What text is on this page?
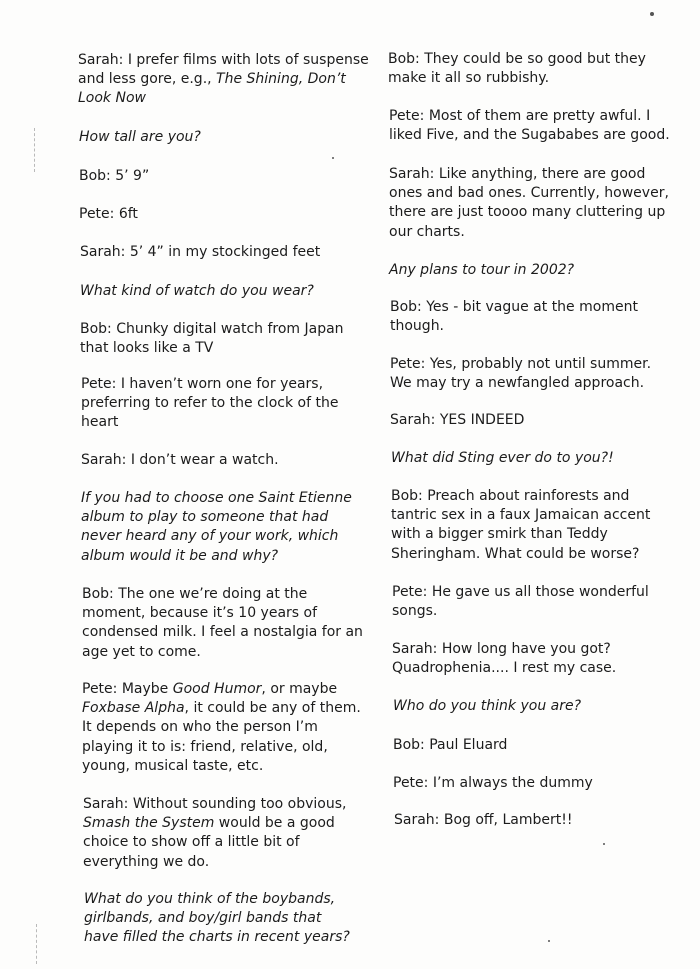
Sarah: I prefer films with lots of suspense
and less gore, e.g., The Shining, Don’t
Look Now

How tall are you?

Bob: 5’ 9”

Pete: 6ft

Sarah: 5’ 4” in my stockinged feet

What kind of watch do you wear?

Bob: Chunky digital watch from Japan
that looks like a TV

Pete: I haven’t worn one for years,
preferring to refer to the clock of the
heart

Sarah: I don’t wear a watch.

If you had to choose one Saint Etienne
album to play to someone that had
never heard any of your work, which
album would it be and why?

Bob: The one we’re doing at the
moment, because it’s 10 years of
condensed milk. I feel a nostalgia for an
age yet to come.

Pete: Maybe Good Humor, or maybe
Foxbase Alpha, it could be any of them.
It depends on who the person I’m
playing it to is: friend, relative, old,
young, musical taste, etc.

Sarah: Without sounding too obvious,
Smash the System would be a good
choice to show off a little bit of
everything we do.

What do you think of the boybands,
girlbands, and boy/girl bands that
have filled the charts in recent years?

Bob: They could be so good but they
make it all so rubbishy.

Pete: Most of them are pretty awful. I
liked Five, and the Sugababes are good.

Sarah: Like anything, there are good
ones and bad ones. Currently, however,
there are just toooo many cluttering up
our charts.

Any plans to tour in 2002?

Bob: Yes - bit vague at the moment
though.

Pete: Yes, probably not until summer.
We may try a newfangled approach.

Sarah: YES INDEED

What did Sting ever do to you?!

Bob: Preach about rainforests and
tantric sex in a faux Jamaican accent
with a bigger smirk than Teddy
Sheringham. What could be worse?

Pete: He gave us all those wonderful
songs.

Sarah: How long have you got?
Quadrophenia.... I rest my case.

Who do you think you are?

Bob: Paul Eluard

Pete: I’m always the dummy

Sarah: Bog off, Lambert!!
